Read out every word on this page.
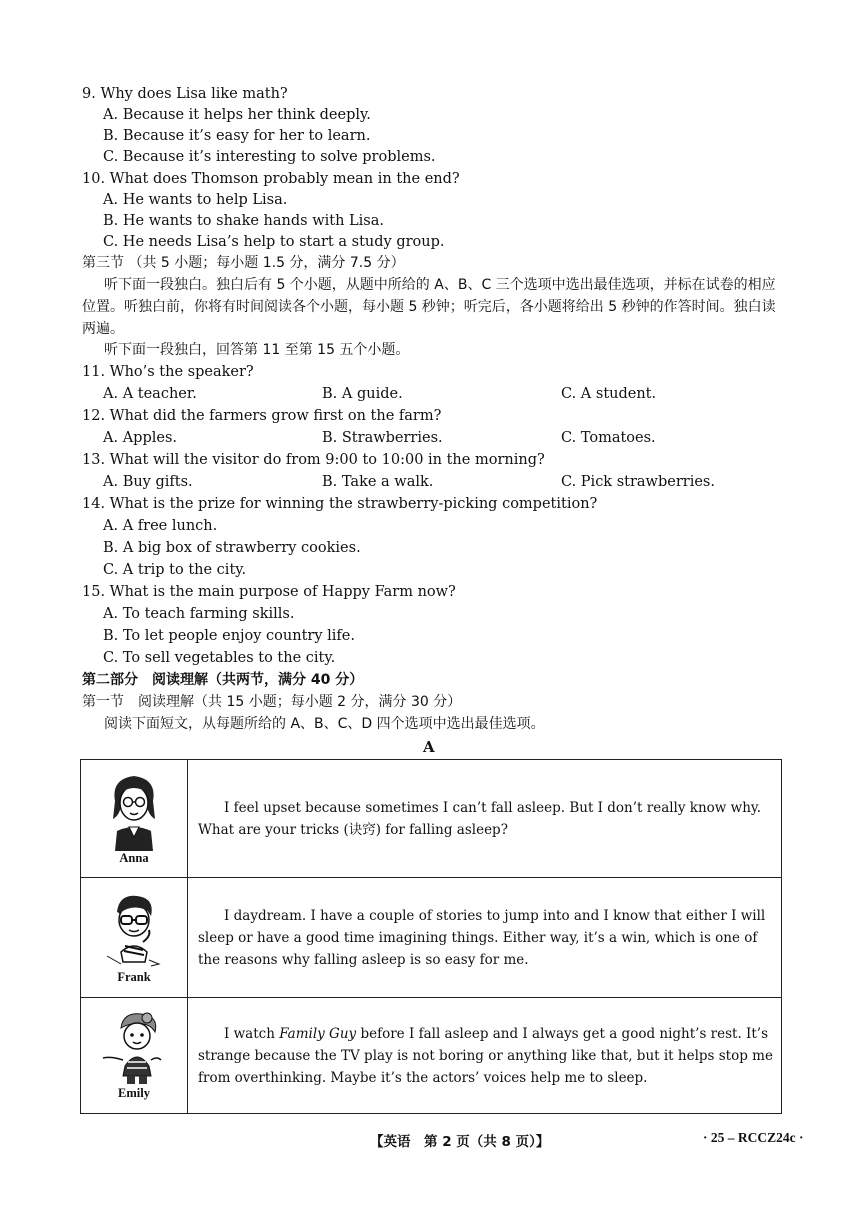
9. Why does Lisa like math?
A. Because it helps her think deeply.
B. Because it’s easy for her to learn.
C. Because it’s interesting to solve problems.
10. What does Thomson probably mean in the end?
A. He wants to help Lisa.
B. He wants to shake hands with Lisa.
C. He needs Lisa’s help to start a study group.
第三节 （共 5 小题；每小题 1.5 分，满分 7.5 分）
听下面一段独白。独白后有 5 个小题，从题中所给的 A、B、C 三个选项中选出最佳选项，并标在试卷的相应位置。听独白前，你将有时间阅读各个小题，每小题 5 秒钟；听完后，各小题将给出 5 秒钟的作答时间。独白读两遍。
听下面一段独白，回答第 11 至第 15 五个小题。
11. Who’s the speaker?
A. A teacher.	B. A guide.	C. A student.
12. What did the farmers grow first on the farm?
A. Apples.	B. Strawberries.	C. Tomatoes.
13. What will the visitor do from 9:00 to 10:00 in the morning?
A. Buy gifts.	B. Take a walk.	C. Pick strawberries.
14. What is the prize for winning the strawberry-picking competition?
A. A free lunch.
B. A big box of strawberry cookies.
C. A trip to the city.
15. What is the main purpose of Happy Farm now?
A. To teach farming skills.
B. To let people enjoy country life.
C. To sell vegetables to the city.
第二部分　阅读理解（共两节，满分 40 分）
第一节　阅读理解（共 15 小题；每小题 2 分，满分 30 分）
阅读下面短文，从每题所给的 A、B、C、D 四个选项中选出最佳选项。
A
Anna	I feel upset because sometimes I can’t fall asleep. But I don’t really know why. What are your tricks (诀窍) for falling asleep?

Frank	I daydream. I have a couple of stories to jump into and I know that either I will sleep or have a good time imagining things. Either way, it’s a win, which is one of the reasons why falling asleep is so easy for me.

Emily	I watch Family Guy before I fall asleep and I always get a good night’s rest. It’s strange because the TV play is not boring or anything like that, but it helps stop me from overthinking. Maybe it’s the actors’ voices help me to sleep.
【英语　第 2 页（共 8 页）】	· 25 – RCCZ24c ·
